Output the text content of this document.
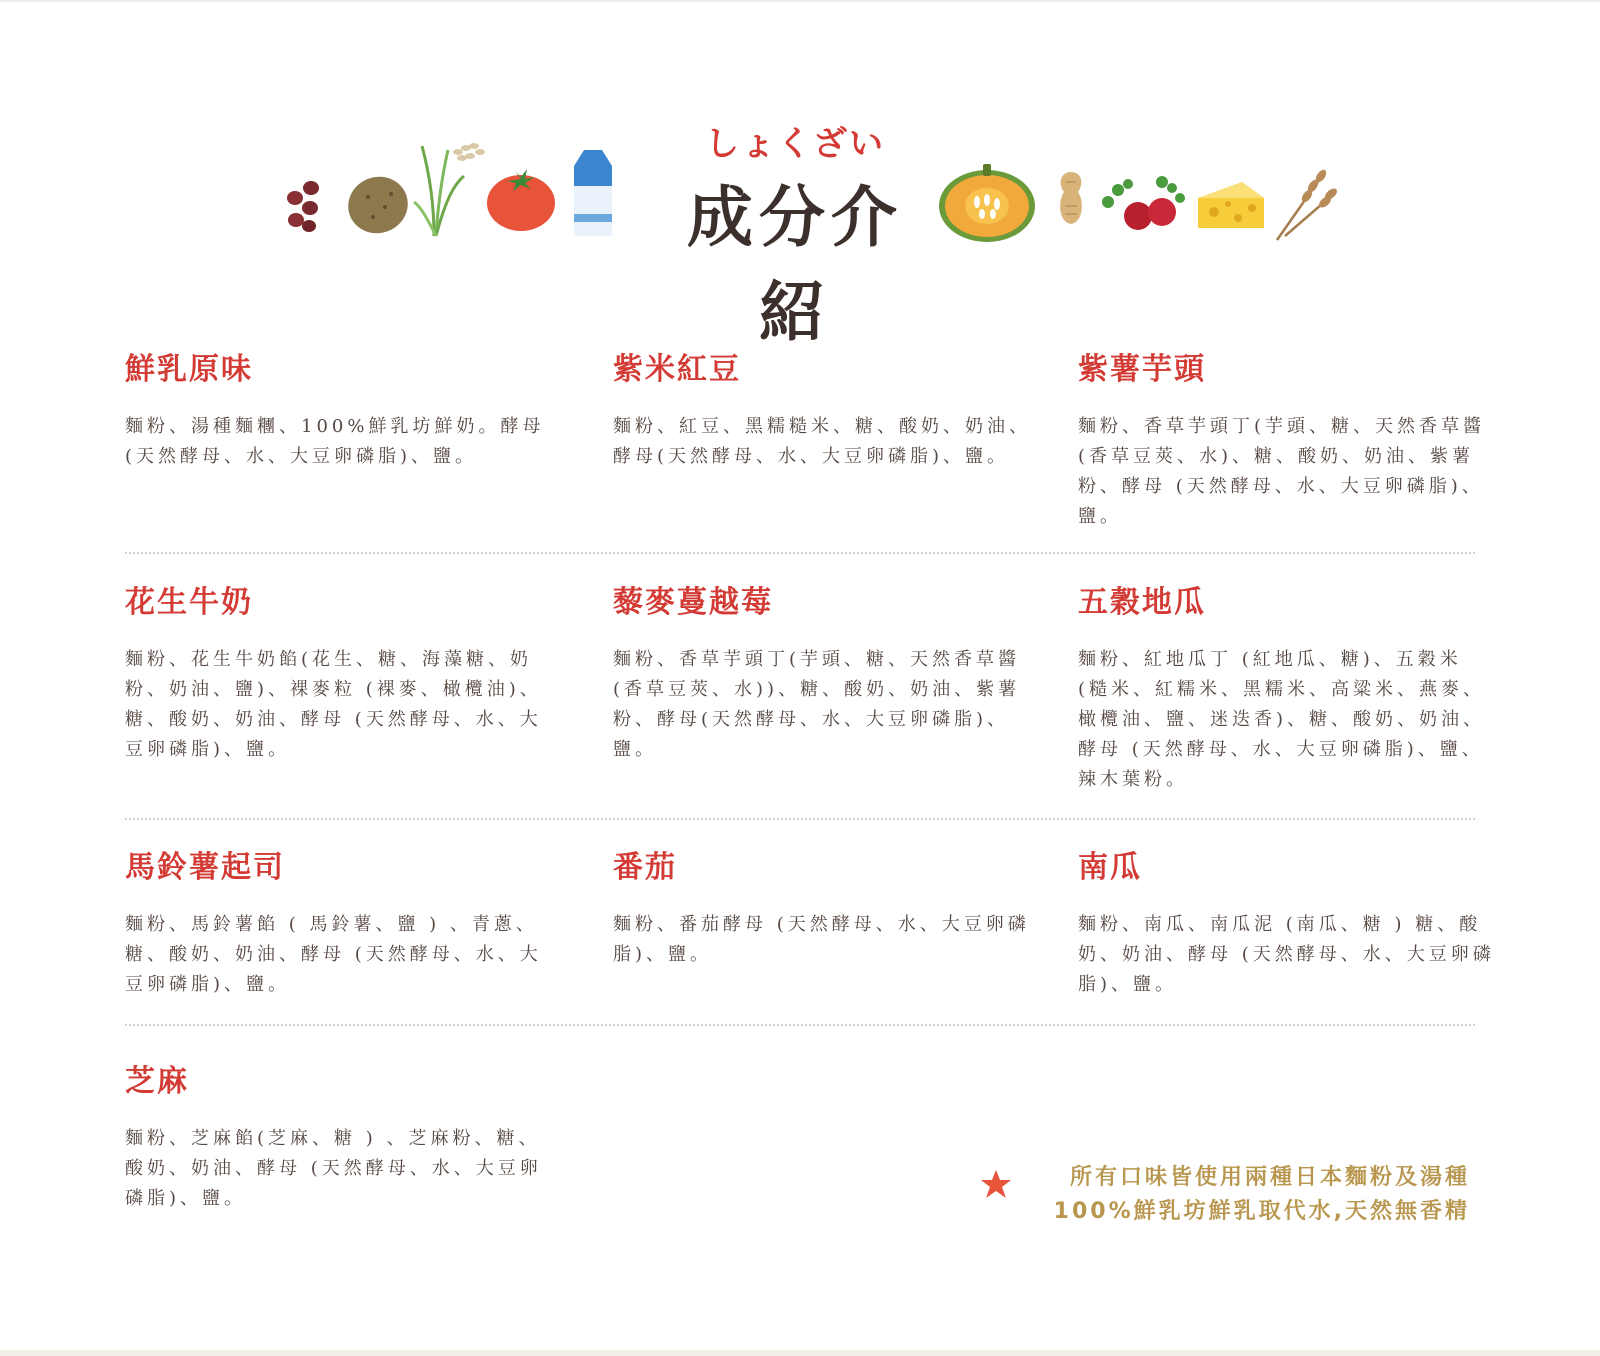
しょくざい
成分介紹
鮮乳原味
麵粉、湯種麵糰、100%鮮乳坊鮮奶。酵母 (天然酵母、水、大豆卵磷脂)、鹽。
紫米紅豆
麵粉、紅豆、黑糯糙米、糖、酸奶、奶油、酵母(天然酵母、水、大豆卵磷脂)、鹽。
紫薯芋頭
麵粉、香草芋頭丁(芋頭、糖、天然香草醬 (香草豆莢、水)、糖、酸奶、奶油、紫薯粉、酵母 (天然酵母、水、大豆卵磷脂)、鹽。
花生牛奶
麵粉、花生牛奶餡(花生、糖、海藻糖、奶粉、奶油、鹽)、裸麥粒 (裸麥、橄欖油)、糖、酸奶、奶油、酵母 (天然酵母、水、大豆卵磷脂)、鹽。
藜麥蔓越莓
麵粉、香草芋頭丁(芋頭、糖、天然香草醬 (香草豆莢、水))、糖、酸奶、奶油、紫薯粉、酵母(天然酵母、水、大豆卵磷脂)、鹽。
五穀地瓜
麵粉、紅地瓜丁 (紅地瓜、糖)、五穀米 (糙米、紅糯米、黑糯米、高粱米、燕麥、橄欖油、鹽、迷迭香)、糖、酸奶、奶油、酵母 (天然酵母、水、大豆卵磷脂)、鹽、辣木葉粉。
馬鈴薯起司
麵粉、馬鈴薯餡 ( 馬鈴薯、鹽 ) 、青蔥、糖、酸奶、奶油、酵母 (天然酵母、水、大豆卵磷脂)、鹽。
番茄
麵粉、番茄酵母 (天然酵母、水、大豆卵磷脂)、鹽。
南瓜
麵粉、南瓜、南瓜泥 (南瓜、糖 ) 糖、酸奶、奶油、酵母 (天然酵母、水、大豆卵磷脂)、鹽。
芝麻
麵粉、芝麻餡(芝麻、糖 ) 、芝麻粉、糖、酸奶、奶油、酵母 (天然酵母、水、大豆卵磷脂)、鹽。
所有口味皆使用兩種日本麵粉及湯種
100%鮮乳坊鮮乳取代水,天然無香精
